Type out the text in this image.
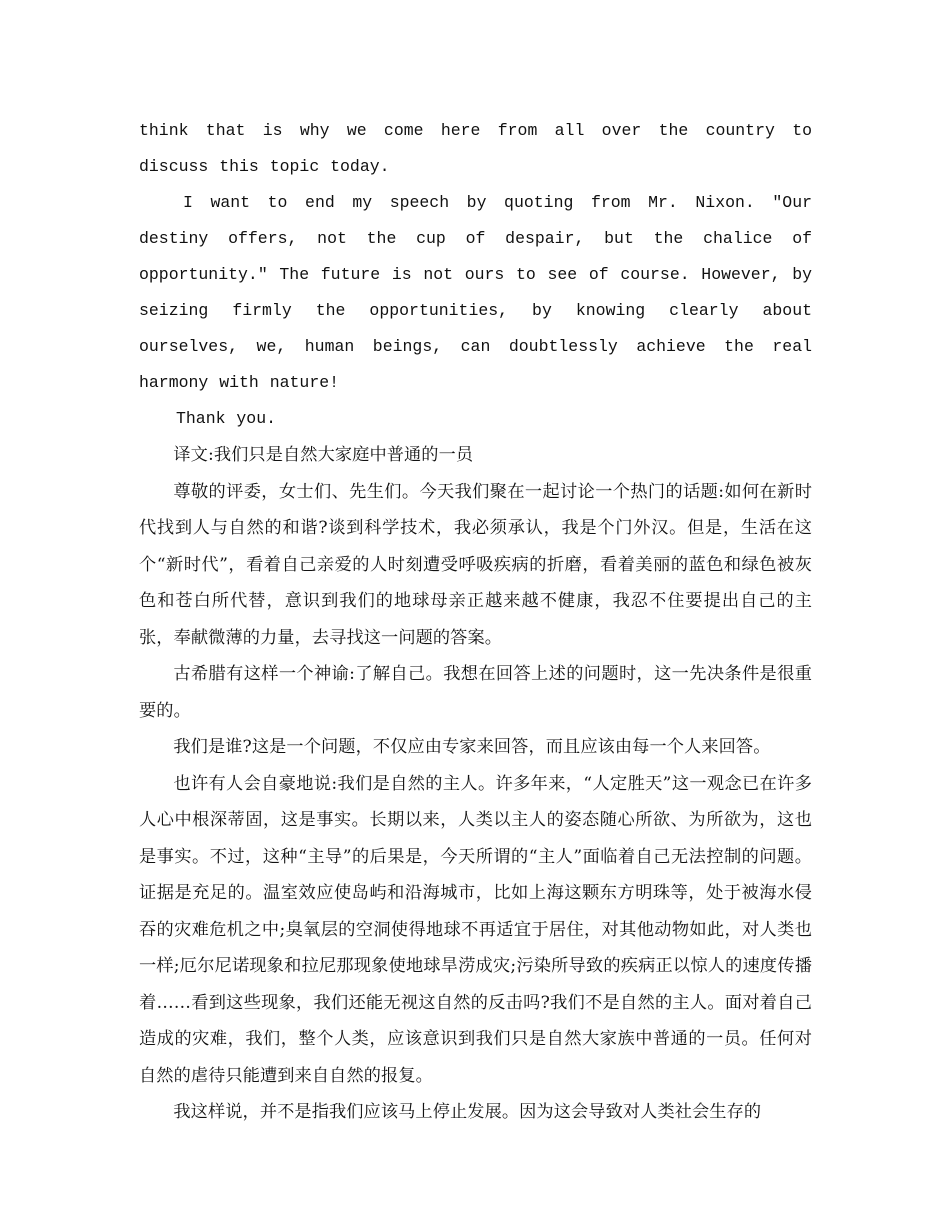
think that is why we come here from all over the country to discuss this topic today.

I want to end my speech by quoting from Mr. Nixon. "Our destiny offers, not the cup of despair, but the chalice of opportunity." The future is not ours to see of course. However, by seizing firmly the opportunities, by knowing clearly about ourselves, we, human beings, can doubtlessly achieve the real harmony with nature!

Thank you.

译文:我们只是自然大家庭中普通的一员

尊敬的评委，女士们、先生们。今天我们聚在一起讨论一个热门的话题:如何在新时代找到人与自然的和谐?谈到科学技术，我必须承认，我是个门外汉。但是，生活在这个“新时代”，看着自己亲爱的人时刻遭受呼吸疾病的折磨，看着美丽的蓝色和绿色被灰色和苍白所代替，意识到我们的地球母亲正越来越不健康，我忍不住要提出自己的主张，奉献微薄的力量，去寻找这一问题的答案。

古希腊有这样一个神谕:了解自己。我想在回答上述的问题时，这一先决条件是很重要的。

我们是谁?这是一个问题，不仅应由专家来回答，而且应该由每一个人来回答。

也许有人会自豪地说:我们是自然的主人。许多年来，“人定胜天”这一观念已在许多人心中根深蒂固，这是事实。长期以来，人类以主人的姿态随心所欲、为所欲为，这也是事实。不过，这种“主导”的后果是，今天所谓的“主人”面临着自己无法控制的问题。证据是充足的。温室效应使岛屿和沿海城市，比如上海这颗东方明珠等，处于被海水侵吞的灾难危机之中;臭氧层的空洞使得地球不再适宜于居住，对其他动物如此，对人类也一样;厄尔尼诺现象和拉尼那现象使地球旱涝成灾;污染所导致的疾病正以惊人的速度传播着……看到这些现象，我们还能无视这自然的反击吗?我们不是自然的主人。面对着自己造成的灾难，我们，整个人类，应该意识到我们只是自然大家族中普通的一员。任何对自然的虐待只能遭到来自自然的报复。

我这样说，并不是指我们应该马上停止发展。因为这会导致对人类社会生存的
